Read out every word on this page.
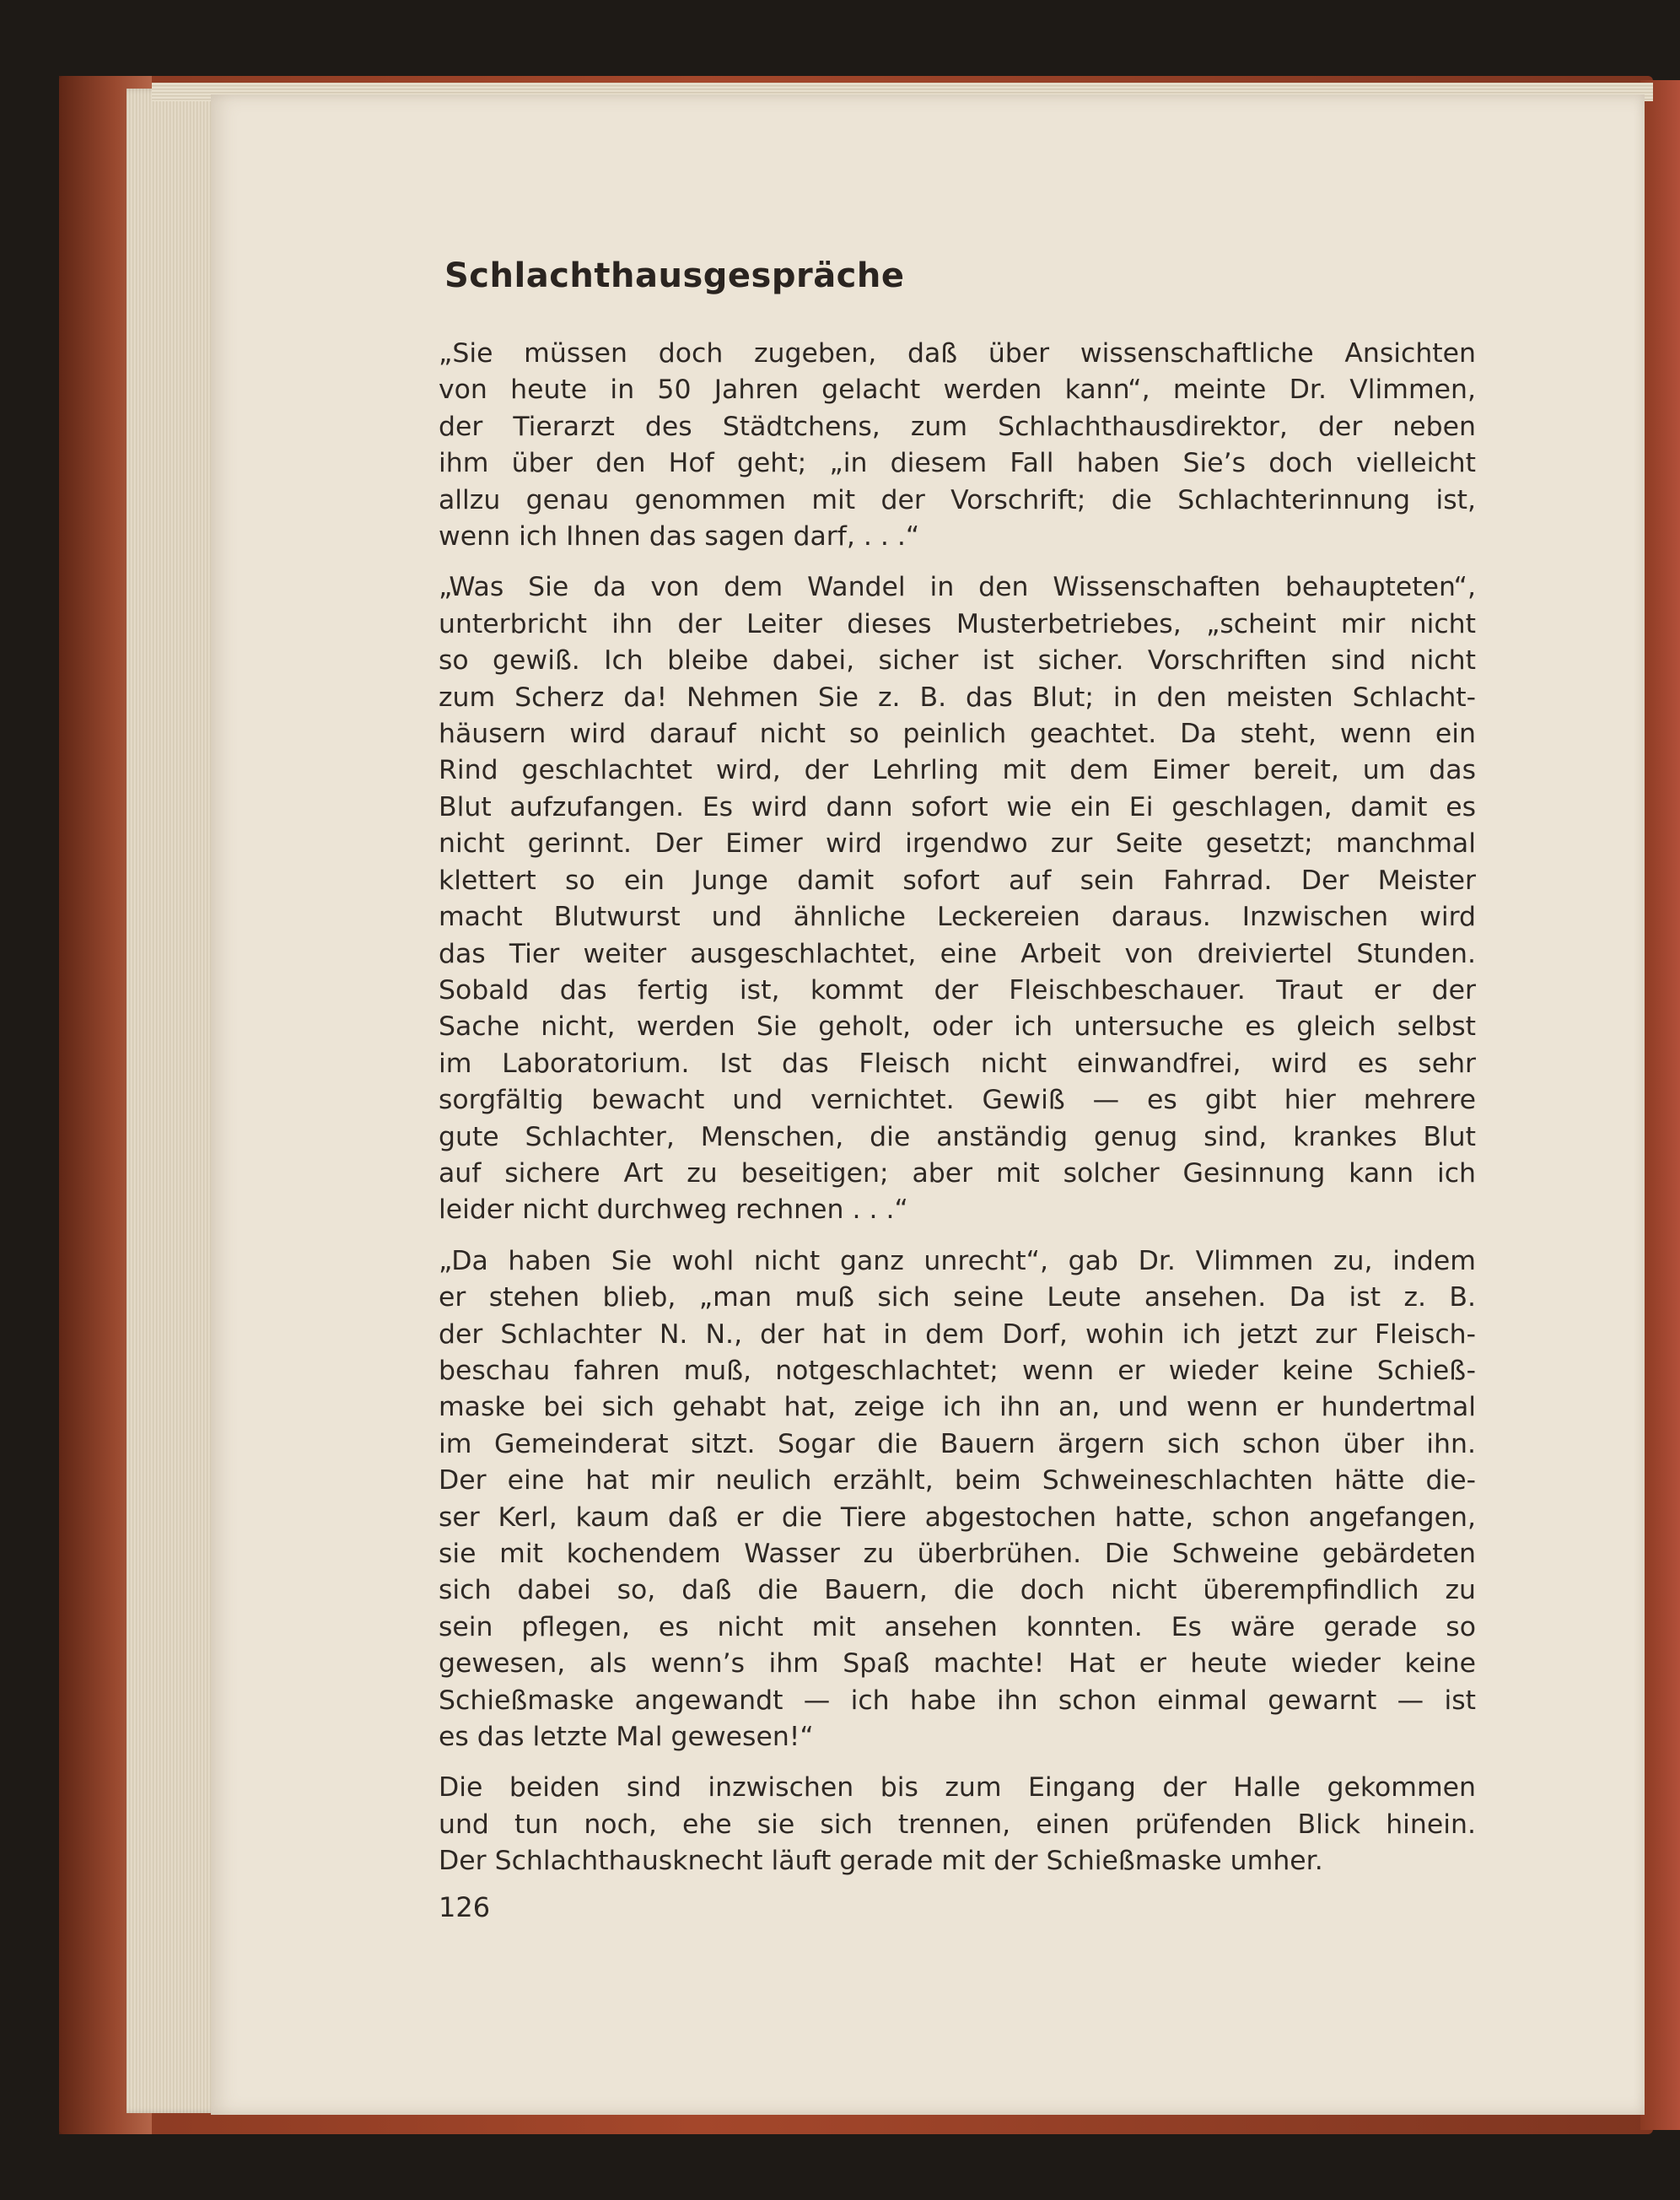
Schlachthausgespräche

„Sie müssen doch zugeben, daß über wissenschaftliche Ansichten
von heute in 50 Jahren gelacht werden kann“, meinte Dr. Vlimmen,
der Tierarzt des Städtchens, zum Schlachthausdirektor, der neben
ihm über den Hof geht; „in diesem Fall haben Sie’s doch vielleicht
allzu genau genommen mit der Vorschrift; die Schlachterinnung ist,
wenn ich Ihnen das sagen darf, . . .“

„Was Sie da von dem Wandel in den Wissenschaften behaupteten“,
unterbricht ihn der Leiter dieses Musterbetriebes, „scheint mir nicht
so gewiß. Ich bleibe dabei, sicher ist sicher. Vorschriften sind nicht
zum Scherz da! Nehmen Sie z. B. das Blut; in den meisten Schlacht-
häusern wird darauf nicht so peinlich geachtet. Da steht, wenn ein
Rind geschlachtet wird, der Lehrling mit dem Eimer bereit, um das
Blut aufzufangen. Es wird dann sofort wie ein Ei geschlagen, damit es
nicht gerinnt. Der Eimer wird irgendwo zur Seite gesetzt; manchmal
klettert so ein Junge damit sofort auf sein Fahrrad. Der Meister
macht Blutwurst und ähnliche Leckereien daraus. Inzwischen wird
das Tier weiter ausgeschlachtet, eine Arbeit von dreiviertel Stunden.
Sobald das fertig ist, kommt der Fleischbeschauer. Traut er der
Sache nicht, werden Sie geholt, oder ich untersuche es gleich selbst
im Laboratorium. Ist das Fleisch nicht einwandfrei, wird es sehr
sorgfältig bewacht und vernichtet. Gewiß — es gibt hier mehrere
gute Schlachter, Menschen, die anständig genug sind, krankes Blut
auf sichere Art zu beseitigen; aber mit solcher Gesinnung kann ich
leider nicht durchweg rechnen . . .“

„Da haben Sie wohl nicht ganz unrecht“, gab Dr. Vlimmen zu, indem
er stehen blieb, „man muß sich seine Leute ansehen. Da ist z. B.
der Schlachter N. N., der hat in dem Dorf, wohin ich jetzt zur Fleisch-
beschau fahren muß, notgeschlachtet; wenn er wieder keine Schieß-
maske bei sich gehabt hat, zeige ich ihn an, und wenn er hundertmal
im Gemeinderat sitzt. Sogar die Bauern ärgern sich schon über ihn.
Der eine hat mir neulich erzählt, beim Schweineschlachten hätte die-
ser Kerl, kaum daß er die Tiere abgestochen hatte, schon angefangen,
sie mit kochendem Wasser zu überbrühen. Die Schweine gebärdeten
sich dabei so, daß die Bauern, die doch nicht überempfindlich zu
sein pflegen, es nicht mit ansehen konnten. Es wäre gerade so
gewesen, als wenn’s ihm Spaß machte! Hat er heute wieder keine
Schießmaske angewandt — ich habe ihn schon einmal gewarnt — ist
es das letzte Mal gewesen!“

Die beiden sind inzwischen bis zum Eingang der Halle gekommen
und tun noch, ehe sie sich trennen, einen prüfenden Blick hinein.
Der Schlachthausknecht läuft gerade mit der Schießmaske umher.

126
